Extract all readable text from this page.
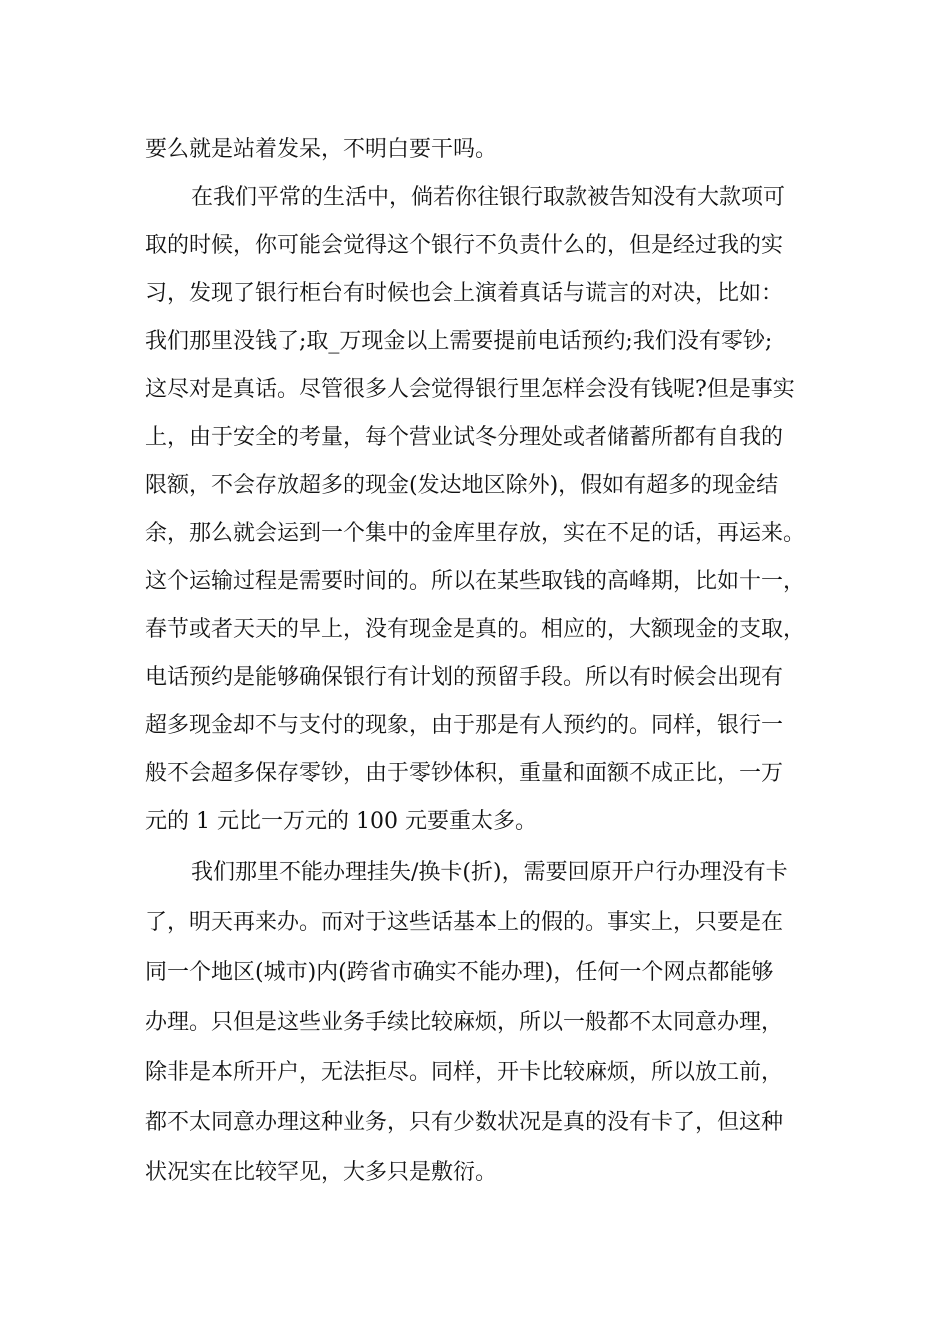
要么就是站着发呆，不明白要干吗。
在我们平常的生活中，倘若你往银行取款被告知没有大款项可
取的时候，你可能会觉得这个银行不负责什么的，但是经过我的实
习，发现了银行柜台有时候也会上演着真话与谎言的对决，比如：
我们那里没钱了;取_万现金以上需要提前电话预约;我们没有零钞;
这尽对是真话。尽管很多人会觉得银行里怎样会没有钱呢?但是事实
上，由于安全的考量，每个营业试冬分理处或者储蓄所都有自我的
限额，不会存放超多的现金(发达地区除外)，假如有超多的现金结
余，那么就会运到一个集中的金库里存放，实在不足的话，再运来。
这个运输过程是需要时间的。所以在某些取钱的高峰期，比如十一，
春节或者天天的早上，没有现金是真的。相应的，大额现金的支取，
电话预约是能够确保银行有计划的预留手段。所以有时候会出现有
超多现金却不与支付的现象，由于那是有人预约的。同样，银行一
般不会超多保存零钞，由于零钞体积，重量和面额不成正比，一万
元的 1 元比一万元的 100 元要重太多。
我们那里不能办理挂失/换卡(折)，需要回原开户行办理没有卡
了，明天再来办。而对于这些话基本上的假的。事实上，只要是在
同一个地区(城市)内(跨省市确实不能办理)，任何一个网点都能够
办理。只但是这些业务手续比较麻烦，所以一般都不太同意办理，
除非是本所开户，无法拒尽。同样，开卡比较麻烦，所以放工前，
都不太同意办理这种业务，只有少数状况是真的没有卡了，但这种
状况实在比较罕见，大多只是敷衍。
